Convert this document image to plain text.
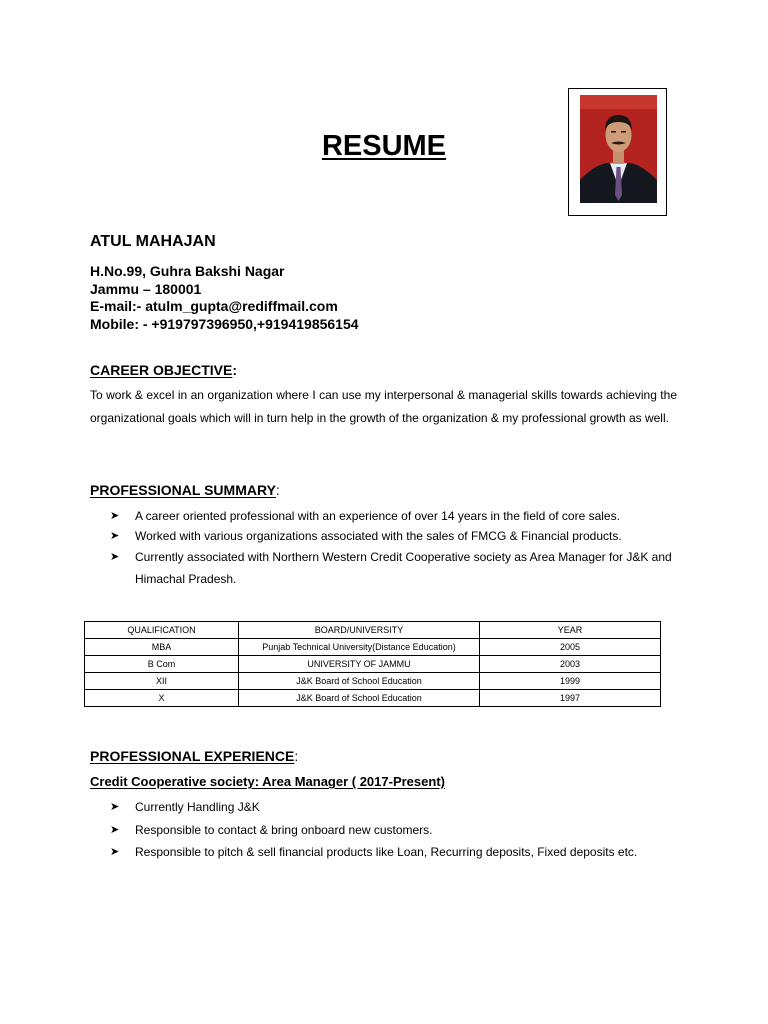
RESUME
ATUL MAHAJAN
H.No.99, Guhra Bakshi Nagar
Jammu – 180001
E-mail:- atulm_gupta@rediffmail.com
Mobile: - +919797396950,+919419856154
CAREER OBJECTIVE:
To work & excel in an organization where I can use my interpersonal & managerial skills towards achieving the organizational goals which will in turn help in the growth of the organization & my professional growth as well.
PROFESSIONAL SUMMARY:
➤ A career oriented professional with an experience of over 14 years in the field of core sales.
➤ Worked with various organizations associated with the sales of FMCG & Financial products.
➤ Currently associated with Northern Western Credit Cooperative society as Area Manager for J&K and Himachal Pradesh.
QUALIFICATION	BOARD/UNIVERSITY	YEAR
MBA	Punjab Technical University(Distance Education)	2005
B Com	UNIVERSITY OF JAMMU	2003
XII	J&K Board of School Education	1999
X	J&K Board of School Education	1997
PROFESSIONAL EXPERIENCE:
Credit Cooperative society: Area Manager ( 2017-Present)
➤ Currently Handling J&K
➤ Responsible to contact & bring onboard new customers.
➤ Responsible to pitch & sell financial products like Loan, Recurring deposits, Fixed deposits etc.
